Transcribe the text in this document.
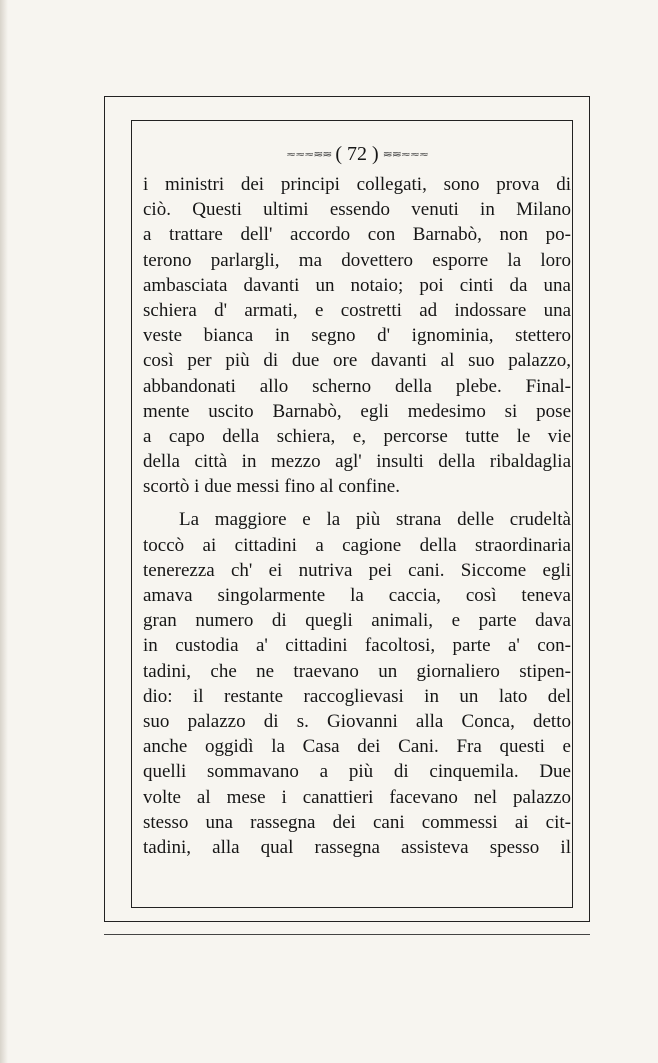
≈≈≈≋≋ ( 72 ) ≋≋≈≈≈
i ministri dei principi collegati, sono prova di
ciò. Questi ultimi essendo venuti in Milano
a trattare dell' accordo con Barnabò, non po-
terono parlargli, ma dovettero esporre la loro
ambasciata davanti un notaio; poi cinti da una
schiera d' armati, e costretti ad indossare una
veste bianca in segno d' ignominia, stettero
così per più di due ore davanti al suo palazzo,
abbandonati allo scherno della plebe. Final-
mente uscito Barnabò, egli medesimo si pose
a capo della schiera, e, percorse tutte le vie
della città in mezzo agl' insulti della ribaldaglia
scortò i due messi fino al confine.
La maggiore e la più strana delle crudeltà
toccò ai cittadini a cagione della straordinaria
tenerezza ch' ei nutriva pei cani. Siccome egli
amava singolarmente la caccia, così teneva
gran numero di quegli animali, e parte dava
in custodia a' cittadini facoltosi, parte a' con-
tadini, che ne traevano un giornaliero stipen-
dio: il restante raccoglievasi in un lato del
suo palazzo di s. Giovanni alla Conca, detto
anche oggidì la Casa dei Cani. Fra questi e
quelli sommavano a più di cinquemila. Due
volte al mese i canattieri facevano nel palazzo
stesso una rassegna dei cani commessi ai cit-
tadini, alla qual rassegna assisteva spesso il
